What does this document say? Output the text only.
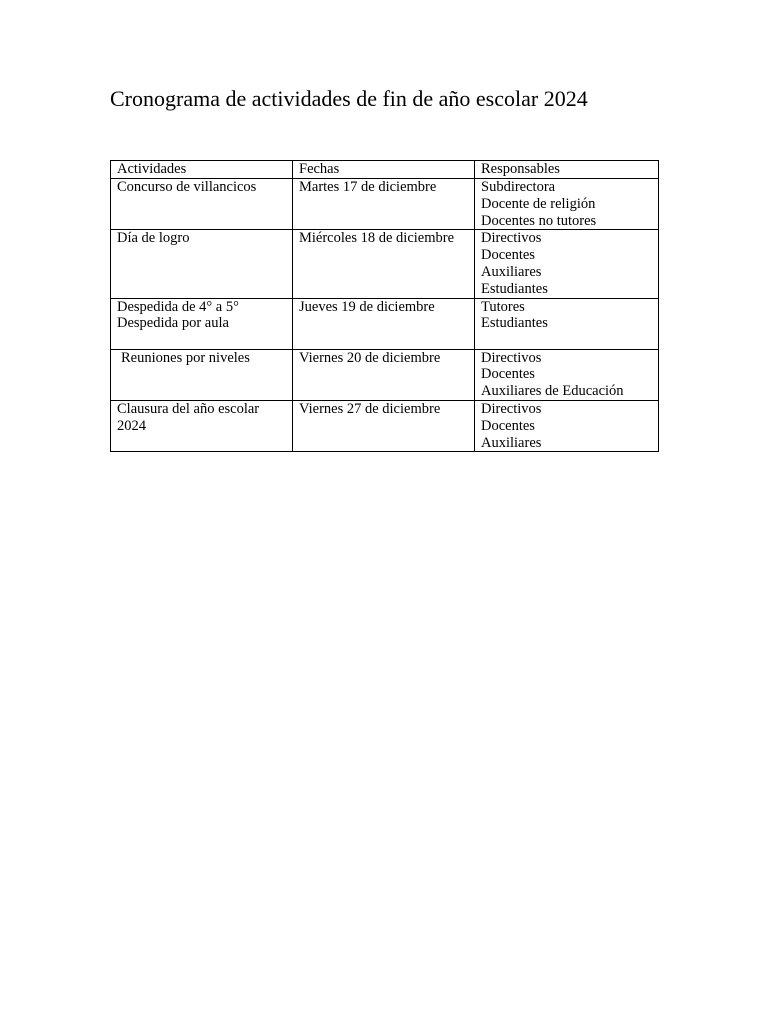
Cronograma de actividades de fin de año escolar 2024
Actividades	Fechas	Responsables

Concurso de villancicos	Martes 17 de diciembre	Subdirectora
Docente de religión
Docentes no tutores

Día de logro	Miércoles 18 de diciembre	Directivos
Docentes
Auxiliares
Estudiantes

Despedida de 4° a 5°
Despedida por aula	Jueves 19 de diciembre	Tutores
Estudiantes

Reuniones por niveles	Viernes 20 de diciembre	Directivos
Docentes
Auxiliares de Educación

Clausura del año escolar 2024	Viernes 27 de diciembre	Directivos
Docentes
Auxiliares
